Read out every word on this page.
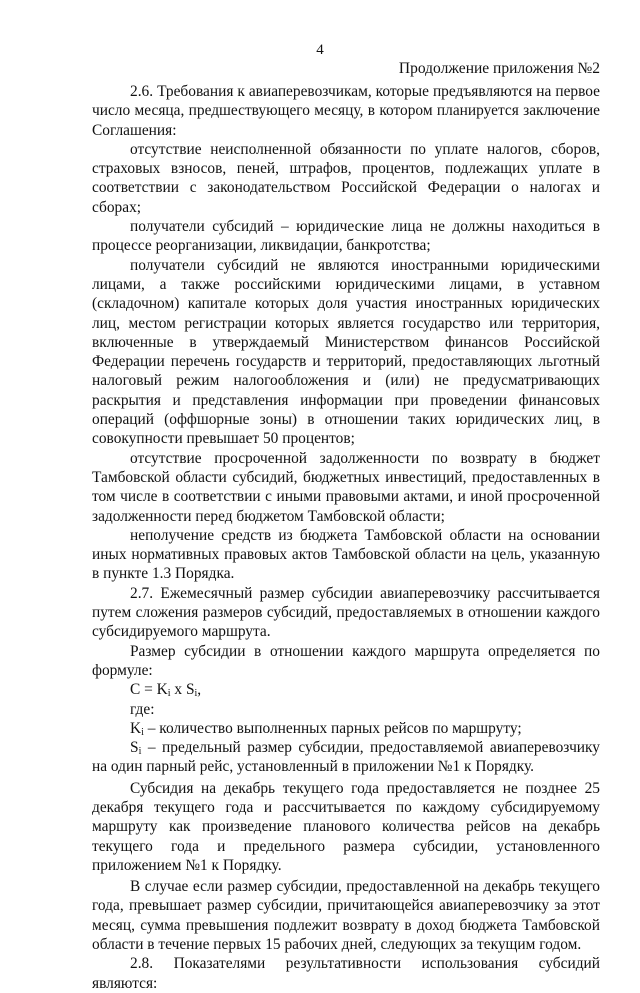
4
Продолжение приложения №2

2.6. Требования к авиаперевозчикам, которые предъявляются на первое число месяца, предшествующего месяцу, в котором планируется заключение Соглашения:

отсутствие неисполненной обязанности по уплате налогов, сборов, страховых взносов, пеней, штрафов, процентов, подлежащих уплате в соответствии с законодательством Российской Федерации о налогах и сборах;

получатели субсидий – юридические лица не должны находиться в процессе реорганизации, ликвидации, банкротства;

получатели субсидий не являются иностранными юридическими лицами, а также российскими юридическими лицами, в уставном (складочном) капитале которых доля участия иностранных юридических лиц, местом регистрации которых является государство или территория, включенные в утверждаемый Министерством финансов Российской Федерации перечень государств и территорий, предоставляющих льготный налоговый режим налогообложения и (или) не предусматривающих раскрытия и представления информации при проведении финансовых операций (оффшорные зоны) в отношении таких юридических лиц, в совокупности превышает 50 процентов;

отсутствие просроченной задолженности по возврату в бюджет Тамбовской области субсидий, бюджетных инвестиций, предоставленных в том числе в соответствии с иными правовыми актами, и иной просроченной задолженности перед бюджетом Тамбовской области;

неполучение средств из бюджета Тамбовской области на основании иных нормативных правовых актов Тамбовской области на цель, указанную в пункте 1.3 Порядка.

2.7. Ежемесячный размер субсидии авиаперевозчику рассчитывается путем сложения размеров субсидий, предоставляемых в отношении каждого субсидируемого маршрута.

Размер субсидии в отношении каждого маршрута определяется по формуле:

$C = K_i$ x $S_i$,

где:

$K_i$ – количество выполненных парных рейсов по маршруту;

$S_i$ – предельный размер субсидии, предоставляемой авиаперевозчику на один парный рейс, установленный в приложении №1 к Порядку.

Субсидия на декабрь текущего года предоставляется не позднее 25 декабря текущего года и рассчитывается по каждому субсидируемому маршруту как произведение планового количества рейсов на декабрь текущего года и предельного размера субсидии, установленного приложением №1 к Порядку.

В случае если размер субсидии, предоставленной на декабрь текущего года, превышает размер субсидии, причитающейся авиаперевозчику за этот месяц, сумма превышения подлежит возврату в доход бюджета Тамбовской области в течение первых 15 рабочих дней, следующих за текущим годом.

2.8. Показателями результативности использования субсидий являются:
